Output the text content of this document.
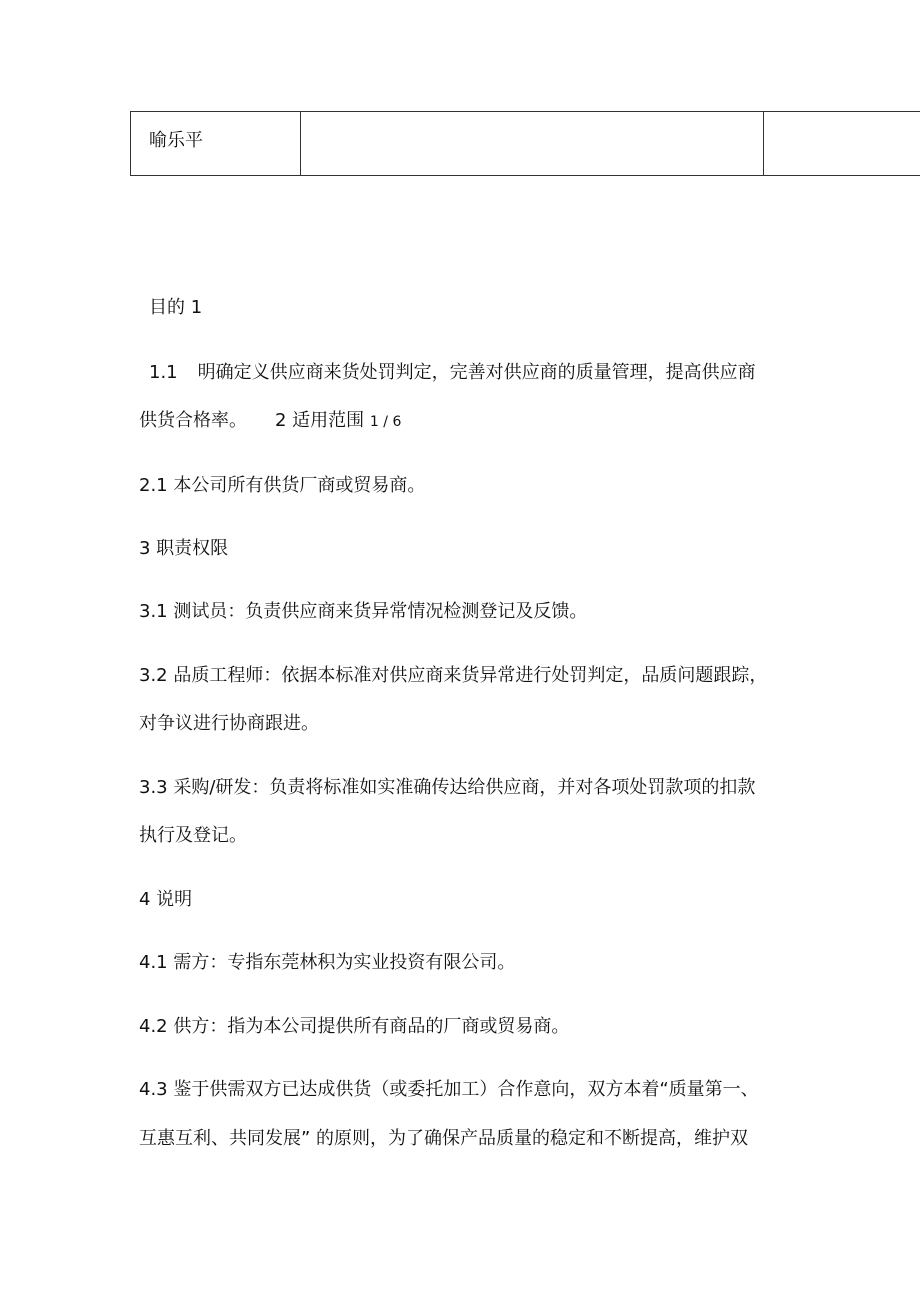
喻乐平

目的 1
1.1 明确定义供应商来货处罚判定，完善对供应商的质量管理，提高供应商
供货合格率。 2 适用范围 1 / 6
2.1 本公司所有供货厂商或贸易商。
3 职责权限
3.1 测试员：负责供应商来货异常情况检测登记及反馈。
3.2 品质工程师：依据本标准对供应商来货异常进行处罚判定，品质问题跟踪，
对争议进行协商跟进。
3.3 采购/研发：负责将标准如实准确传达给供应商，并对各项处罚款项的扣款
执行及登记。
4 说明
4.1 需方：专指东莞林积为实业投资有限公司。
4.2 供方：指为本公司提供所有商品的厂商或贸易商。
4.3 鉴于供需双方已达成供货（或委托加工）合作意向，双方本着“质量第一、
互惠互利、共同发展” 的原则，为了确保产品质量的稳定和不断提高，维护双
